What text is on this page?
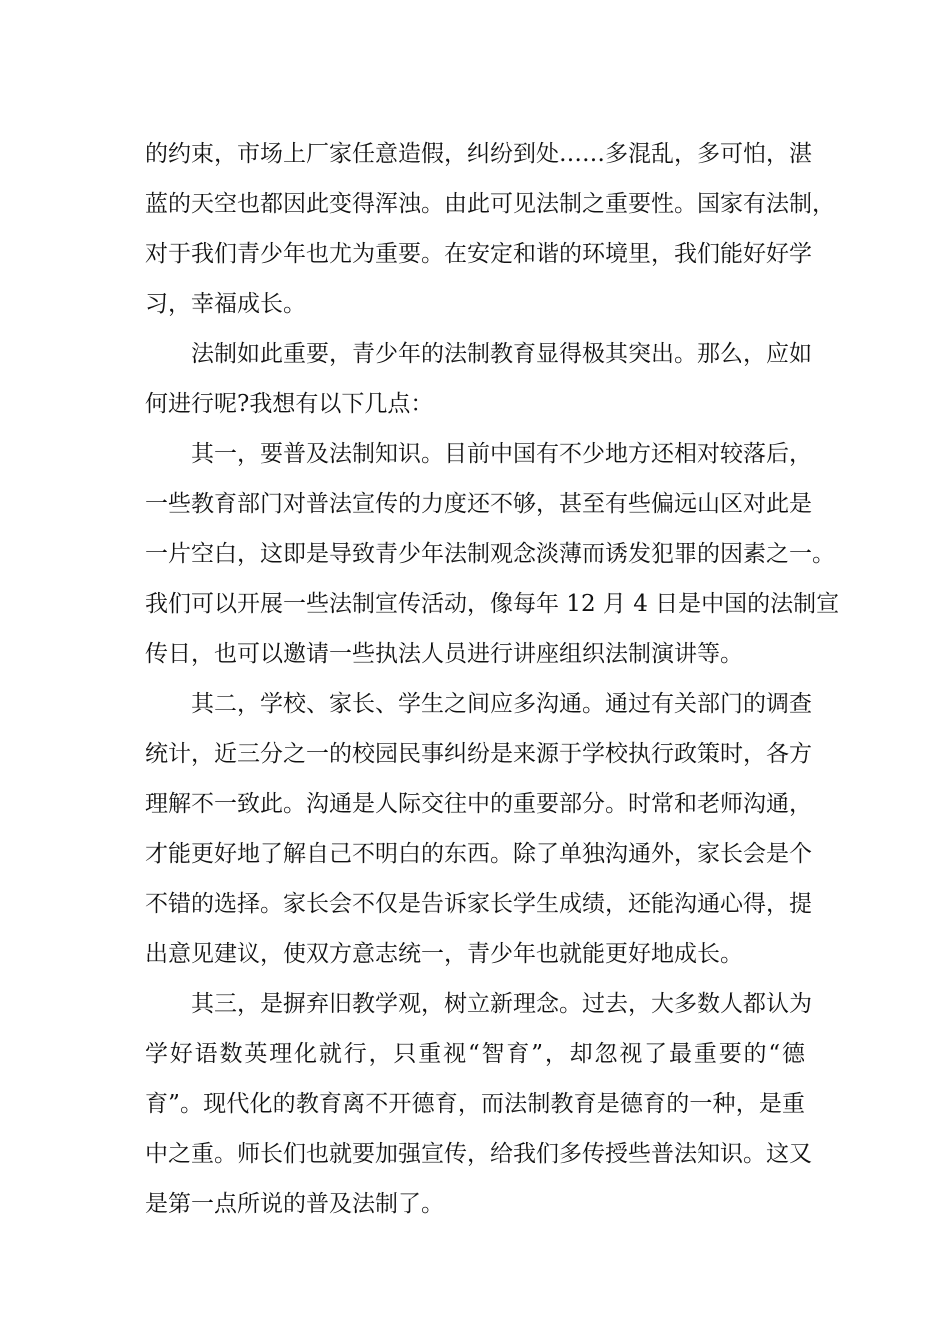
的约束，市场上厂家任意造假，纠纷到处……多混乱，多可怕，湛
蓝的天空也都因此变得浑浊。由此可见法制之重要性。国家有法制，
对于我们青少年也尤为重要。在安定和谐的环境里，我们能好好学
习，幸福成长。
法制如此重要，青少年的法制教育显得极其突出。那么，应如
何进行呢?我想有以下几点：
其一，要普及法制知识。目前中国有不少地方还相对较落后，
一些教育部门对普法宣传的力度还不够，甚至有些偏远山区对此是
一片空白，这即是导致青少年法制观念淡薄而诱发犯罪的因素之一。
我们可以开展一些法制宣传活动，像每年 12 月 4 日是中国的法制宣
传日，也可以邀请一些执法人员进行讲座组织法制演讲等。
其二，学校、家长、学生之间应多沟通。通过有关部门的调查
统计，近三分之一的校园民事纠纷是来源于学校执行政策时，各方
理解不一致此。沟通是人际交往中的重要部分。时常和老师沟通，
才能更好地了解自己不明白的东西。除了单独沟通外，家长会是个
不错的选择。家长会不仅是告诉家长学生成绩，还能沟通心得，提
出意见建议，使双方意志统一，青少年也就能更好地成长。
其三，是摒弃旧教学观，树立新理念。过去，大多数人都认为
学好语数英理化就行，只重视“智育”，却忽视了最重要的“德
育”。现代化的教育离不开德育，而法制教育是德育的一种，是重
中之重。师长们也就要加强宣传，给我们多传授些普法知识。这又
是第一点所说的普及法制了。
